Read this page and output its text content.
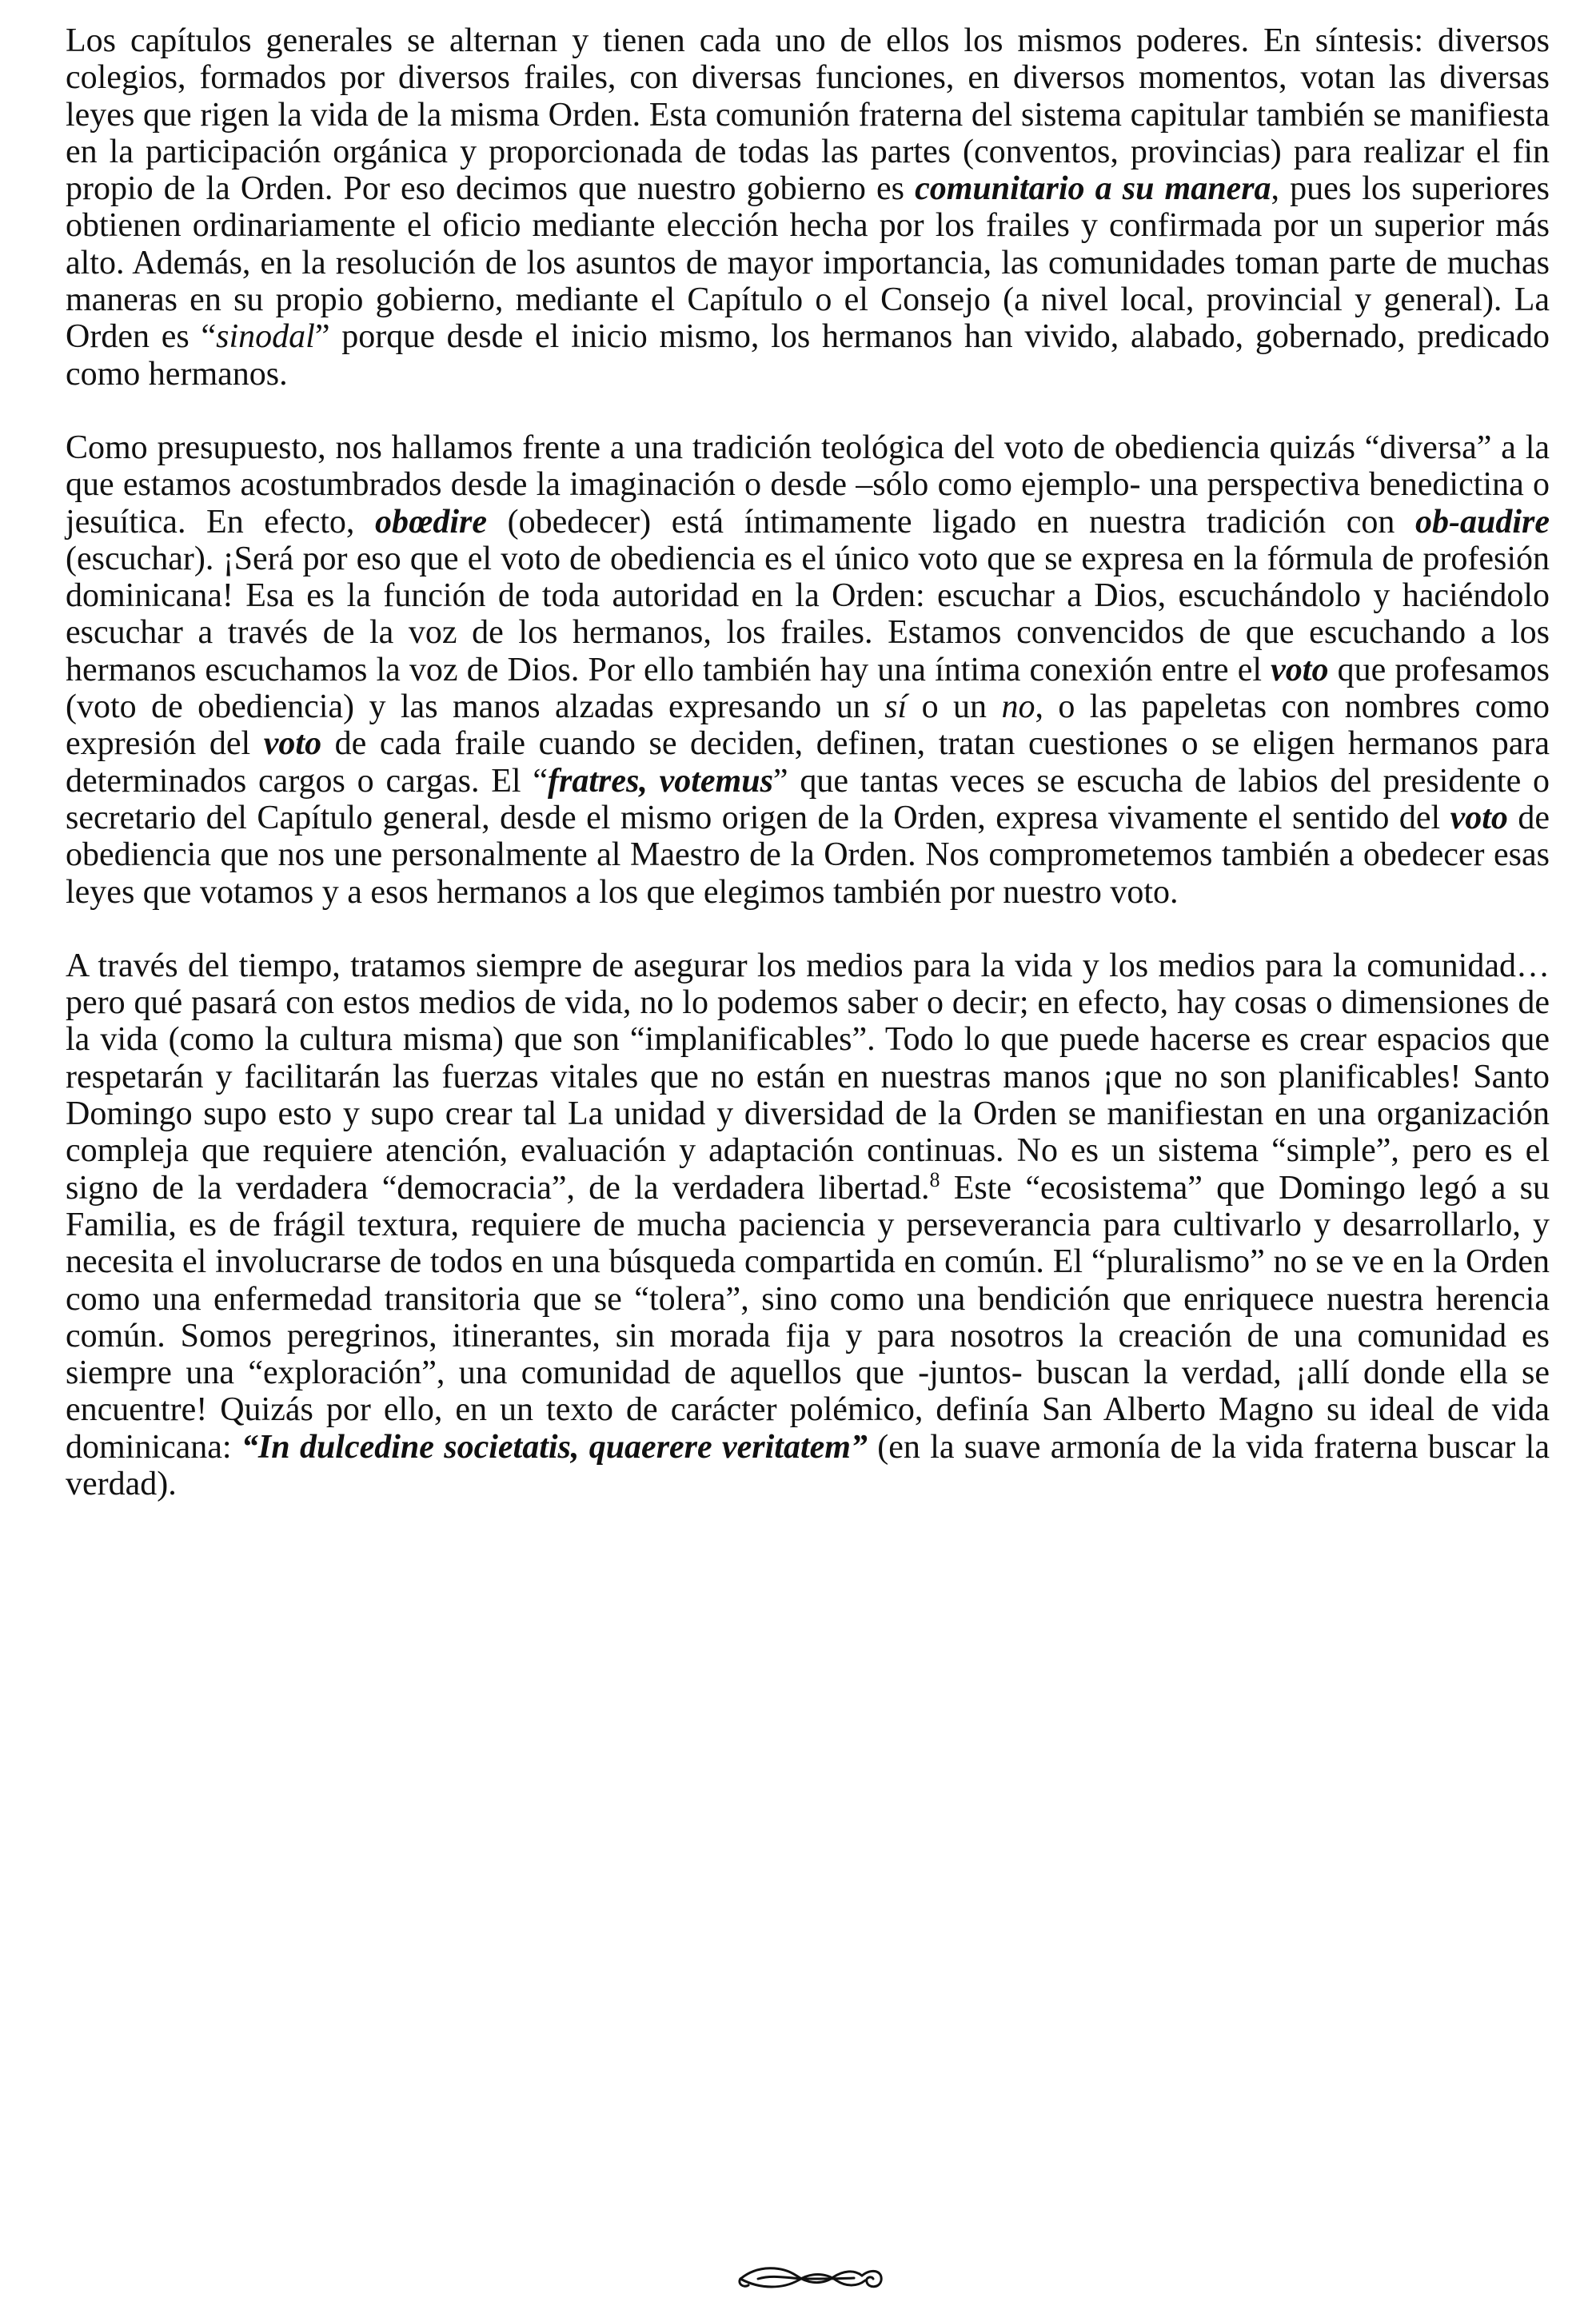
Los capítulos generales se alternan y tienen cada uno de ellos los mismos poderes. En síntesis: diversos colegios, formados por diversos frailes, con diversas funciones, en diversos momentos, votan las diversas leyes que rigen la vida de la misma Orden. Esta comunión fraterna del sistema capitular también se manifiesta en la participación orgánica y proporcionada de todas las partes (conventos, provincias) para realizar el fin propio de la Orden. Por eso decimos que nuestro gobierno es comunitario a su manera, pues los superiores obtienen ordinariamente el oficio mediante elección hecha por los frailes y confirmada por un superior más alto. Además, en la resolución de los asuntos de mayor importancia, las comunidades toman parte de muchas maneras en su propio gobierno, mediante el Capítulo o el Consejo (a nivel local, provincial y general). La Orden es “sinodal” porque desde el inicio mismo, los hermanos han vivido, alabado, gobernado, predicado como hermanos.

Como presupuesto, nos hallamos frente a una tradición teológica del voto de obediencia quizás “diversa” a la que estamos acostumbrados desde la imaginación o desde –sólo como ejemplo- una perspectiva benedictina o jesuítica. En efecto, obœdire (obedecer) está íntimamente ligado en nuestra tradición con ob-audire (escuchar). ¡Será por eso que el voto de obediencia es el único voto que se expresa en la fórmula de profesión dominicana! Esa es la función de toda autoridad en la Orden: escuchar a Dios, escuchándolo y haciéndolo escuchar a través de la voz de los hermanos, los frailes. Estamos convencidos de que escuchando a los hermanos escuchamos la voz de Dios. Por ello también hay una íntima conexión entre el voto que profesamos (voto de obediencia) y las manos alzadas expresando un sí o un no, o las papeletas con nombres como expresión del voto de cada fraile cuando se deciden, definen, tratan cuestiones o se eligen hermanos para determinados cargos o cargas. El “fratres, votemus” que tantas veces se escucha de labios del presidente o secretario del Capítulo general, desde el mismo origen de la Orden, expresa vivamente el sentido del voto de obediencia que nos une personalmente al Maestro de la Orden. Nos comprometemos también a obedecer esas leyes que votamos y a esos hermanos a los que elegimos también por nuestro voto.

A través del tiempo, tratamos siempre de asegurar los medios para la vida y los medios para la comunidad… pero qué pasará con estos medios de vida, no lo podemos saber o decir; en efecto, hay cosas o dimensiones de la vida (como la cultura misma) que son “implanificables”. Todo lo que puede hacerse es crear espacios que respetarán y facilitarán las fuerzas vitales que no están en nuestras manos ¡que no son planificables! Santo Domingo supo esto y supo crear tal La unidad y diversidad de la Orden se manifiestan en una organización compleja que requiere atención, evaluación y adaptación continuas. No es un sistema “simple”, pero es el signo de la verdadera “democracia”, de la verdadera libertad.$^8$ Este “ecosistema” que Domingo legó a su Familia, es de frágil textura, requiere de mucha paciencia y perseverancia para cultivarlo y desarrollarlo, y necesita el involucrarse de todos en una búsqueda compartida en común. El “pluralismo” no se ve en la Orden como una enfermedad transitoria que se “tolera”, sino como una bendición que enriquece nuestra herencia común. Somos peregrinos, itinerantes, sin morada fija y para nosotros la creación de una comunidad es siempre una “exploración”, una comunidad de aquellos que -juntos- buscan la verdad, ¡allí donde ella se encuentre! Quizás por ello, en un texto de carácter polémico, definía San Alberto Magno su ideal de vida dominicana: “In dulcedine societatis, quaerere veritatem” (en la suave armonía de la vida fraterna buscar la verdad).
